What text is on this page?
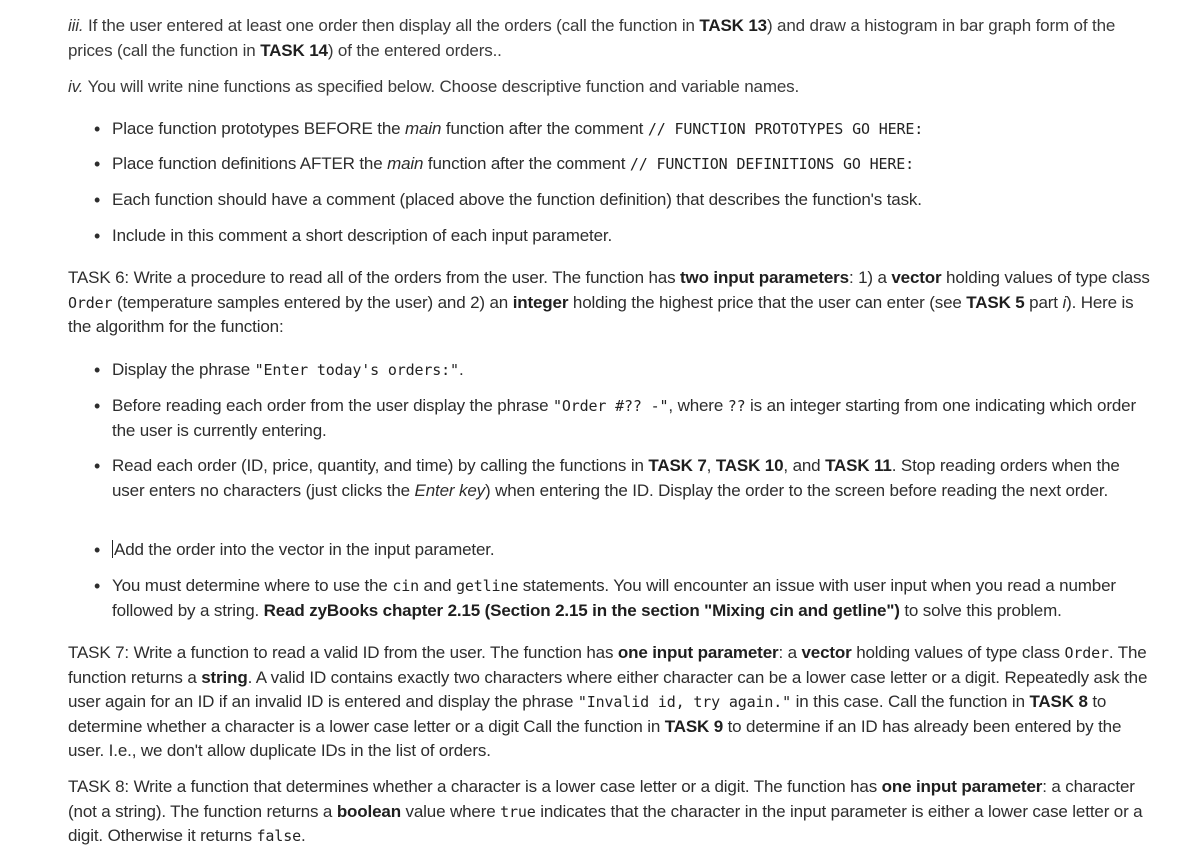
iii. If the user entered at least one order then display all the orders (call the function in TASK 13) and draw a histogram in bar graph form of the prices (call the function in TASK 14) of the entered orders..

iv. You will write nine functions as specified below. Choose descriptive function and variable names.

• Place function prototypes BEFORE the main function after the comment // FUNCTION PROTOTYPES GO HERE:

• Place function definitions AFTER the main function after the comment // FUNCTION DEFINITIONS GO HERE:

• Each function should have a comment (placed above the function definition) that describes the function's task.

• Include in this comment a short description of each input parameter.

TASK 6: Write a procedure to read all of the orders from the user. The function has two input parameters: 1) a vector holding values of type class Order (temperature samples entered by the user) and 2) an integer holding the highest price that the user can enter (see TASK 5 part i). Here is the algorithm for the function:

• Display the phrase "Enter today's orders:".

• Before reading each order from the user display the phrase "Order #?? -", where ?? is an integer starting from one indicating which order the user is currently entering.

• Read each order (ID, price, quantity, and time) by calling the functions in TASK 7, TASK 10, and TASK 11. Stop reading orders when the user enters no characters (just clicks the Enter key) when entering the ID. Display the order to the screen before reading the next order.

• Add the order into the vector in the input parameter.

• You must determine where to use the cin and getline statements. You will encounter an issue with user input when you read a number followed by a string. Read zyBooks chapter 2.15 (Section 2.15 in the section "Mixing cin and getline") to solve this problem.

TASK 7: Write a function to read a valid ID from the user. The function has one input parameter: a vector holding values of type class Order. The function returns a string. A valid ID contains exactly two characters where either character can be a lower case letter or a digit. Repeatedly ask the user again for an ID if an invalid ID is entered and display the phrase "Invalid id, try again." in this case. Call the function in TASK 8 to determine whether a character is a lower case letter or a digit Call the function in TASK 9 to determine if an ID has already been entered by the user. I.e., we don't allow duplicate IDs in the list of orders.

TASK 8: Write a function that determines whether a character is a lower case letter or a digit. The function has one input parameter: a character (not a string). The function returns a boolean value where true indicates that the character in the input parameter is either a lower case letter or a digit. Otherwise it returns false.
